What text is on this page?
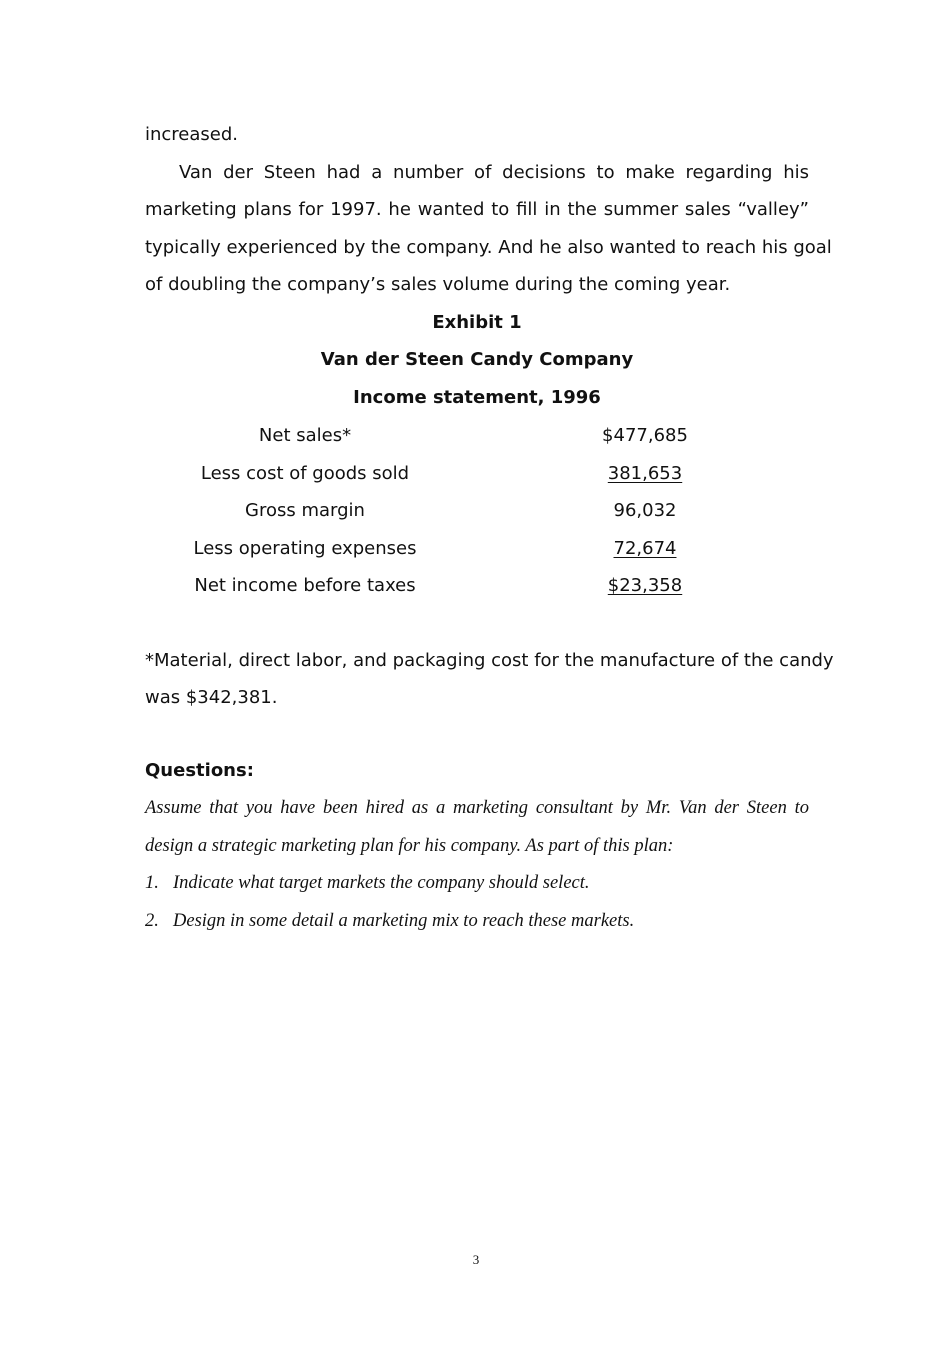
increased.

Van der Steen had a number of decisions to make regarding his

marketing plans for 1997. he wanted to fill in the summer sales “valley”

typically experienced by the company. And he also wanted to reach his goal

of doubling the company’s sales volume during the coming year.

Exhibit 1

Van der Steen Candy Company

Income statement, 1996

Net sales*	$477,685
Less cost of goods sold	381,653
Gross margin	96,032
Less operating expenses	72,674
Net income before taxes	$23,358

*Material, direct labor, and packaging cost for the manufacture of the candy

was $342,381.

Questions:

Assume that you have been hired as a marketing consultant by Mr. Van der Steen to

design a strategic marketing plan for his company. As part of this plan:

1. Indicate what target markets the company should select.

2. Design in some detail a marketing mix to reach these markets.

3
